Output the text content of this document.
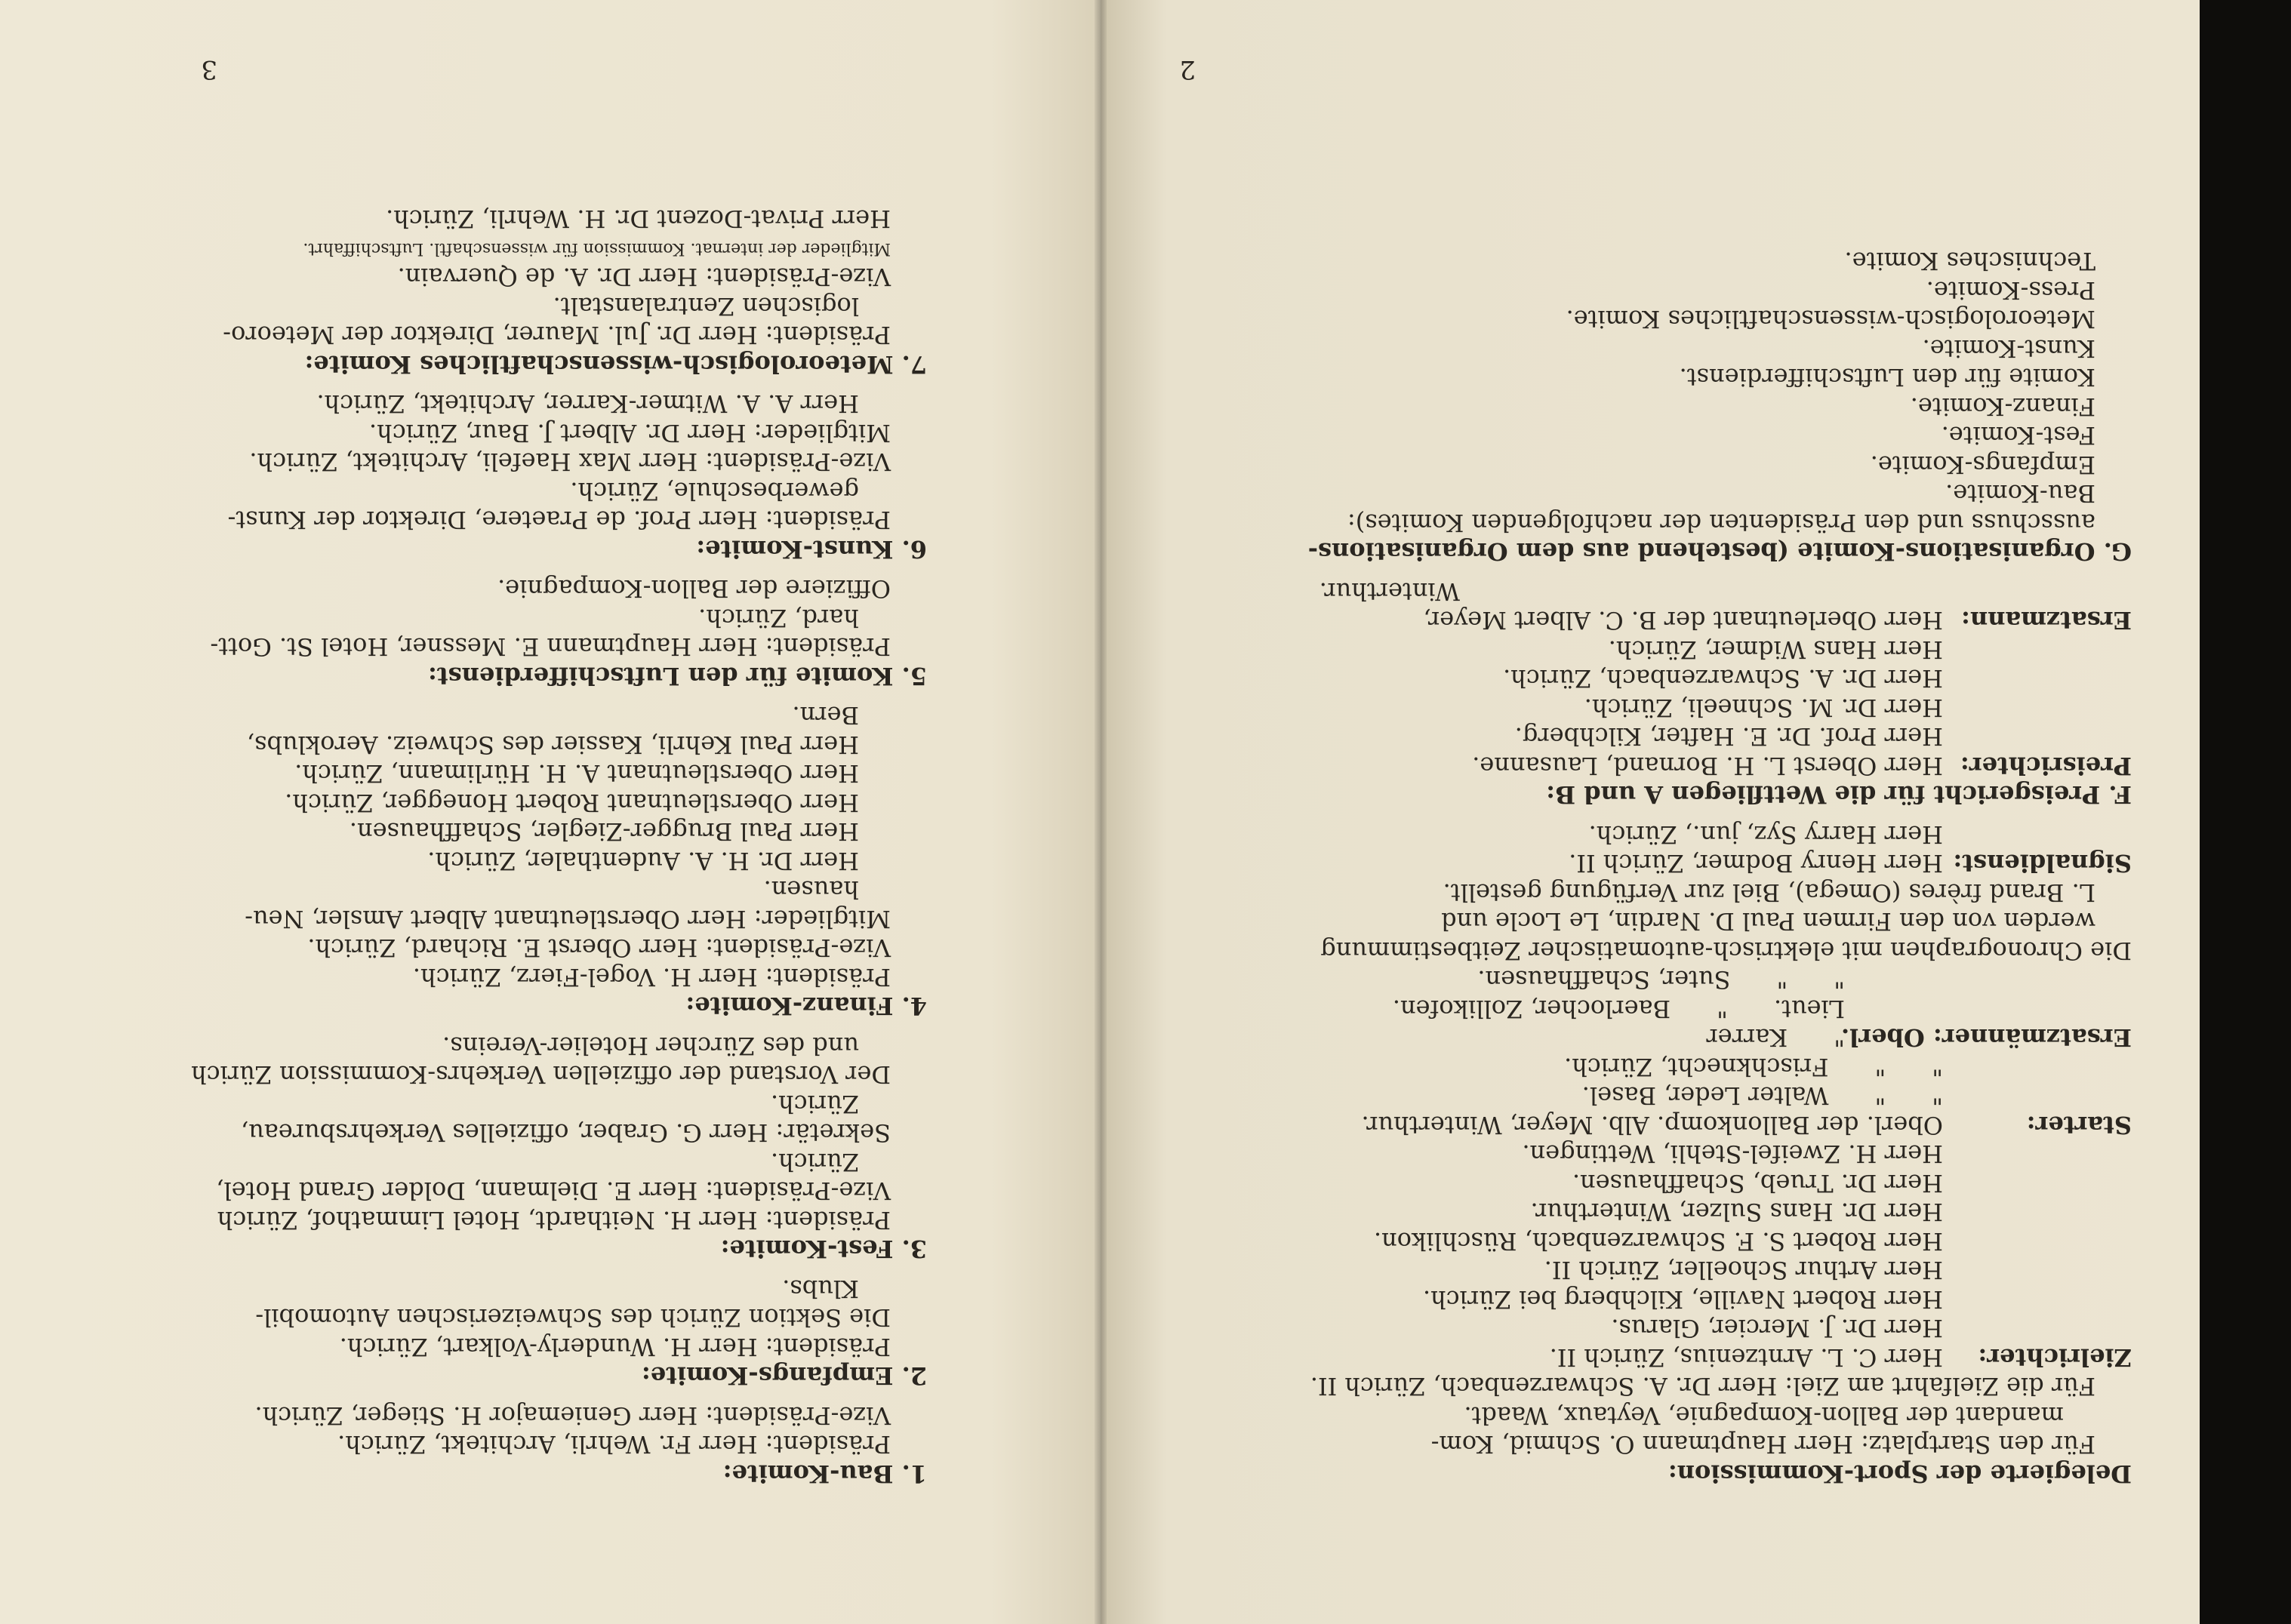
3
1. Bau-Komite:
Präsident: Herr Fr. Wehrli, Architekt, Zürich.
Vize-Präsident: Herr Geniemajor H. Stieger, Zürich.
2. Empfangs-Komite:
Präsident: Herr H. Wunderly-Volkart, Zürich.
Die Sektion Zürich des Schweizerischen Automobil-
Klubs.
3. Fest-Komite:
Präsident: Herr H. Neithardt, Hotel Limmathof, Zürich
Vize-Präsident: Herr E. Dielmann, Dolder Grand Hotel,
Zürich.
Sekretär: Herr G. Graber, offizielles Verkehrsbureau,
Zürich.
Der Vorstand der offiziellen Verkehrs-Kommission Zürich
und des Zürcher Hotelier-Vereins.
4. Finanz-Komite:
Präsident: Herr H. Vogel-Fierz, Zürich.
Vize-Präsident: Herr Oberst E. Richard, Zürich.
Mitglieder: Herr Oberstleutnant Albert Amsler, Neu-
hausen.
Herr Dr. H. A. Audenthaler, Zürich.
Herr Paul Brugger-Ziegler, Schaffhausen.
Herr Oberstleutnant Robert Honegger, Zürich.
Herr Oberstleutnant A. H. Hürlimann, Zürich.
Herr Paul Kehrli, Kassier des Schweiz. Aeroklubs,
Bern.
5. Komite für den Luftschifferdienst:
Präsident: Herr Hauptmann E. Messner, Hotel St. Gott-
hard, Zürich.
Offiziere der Ballon-Kompagnie.
6. Kunst-Komite:
Präsident: Herr Prof. de Praetere, Direktor der Kunst-
gewerbeschule, Zürich.
Vize-Präsident: Herr Max Haefeli, Architekt, Zürich.
Mitglieder: Herr Dr. Albert J. Baur, Zürich.
Herr A. A. Witmer-Karrer, Architekt, Zürich.
7. Meteorologisch-wissenschaftliches Komite:
Präsident: Herr Dr. Jul. Maurer, Direktor der Meteoro-
logischen Zentralanstalt.
Vize-Präsident: Herr Dr. A. de Quervain.
Mitglieder der internat. Kommission für wissenschaftl. Luftschiffahrt.
Herr Privat-Dozent Dr. H. Wehrli, Zürich.
2
Delegierte der Sport-Kommission:
Für den Startplatz: Herr Hauptmann O. Schmid, Kom-
mandant der Ballon-Kompagnie, Veytaux, Waadt.
Für die Zielfahrt am Ziel: Herr Dr. A. Schwarzenbach, Zürich II.
Zielrichter:
Herr C. L. Arntzenius, Zürich II.
Herr Dr. J. Mercier, Glarus.
Herr Robert Naville, Kilchberg bei Zürich.
Herr Arthur Schoeller, Zürich II.
Herr Robert S. F. Schwarzenbach, Rüschlikon.
Herr Dr. Hans Sulzer, Winterthur.
Herr Dr. Trueb, Schaffhausen.
Herr H. Zweifel-Stehli, Wettingen.
Starter:
Oberl. der Ballonkomp. Alb. Meyer, Winterthur.
"      "      Walter Leder, Basel.
"      "      Frischknecht, Zürich.
Ersatzmänner: Oberl.
"      Karrer
Lieut.      "      Baerlocher, Zollikofen.
"      "      Suter, Schaffhausen.
Die Chronographen mit elektrisch-automatischer Zeitbestimmung
werden von den Firmen Paul D. Nardin, Le Locle und
L. Brand frères (Omega), Biel zur Verfügung gestellt.
Signaldienst:
Herr Henry Bodmer, Zürich II.
Herr Harry Syz, jun., Zürich.
F. Preisgericht für die Wettfliegen A und B:
Preisrichter:
Herr Oberst L. H. Bornand, Lausanne.
Herr Prof. Dr. E. Hafter, Kilchberg.
Herr Dr. M. Schneeli, Zürich.
Herr Dr. A. Schwarzenbach, Zürich.
Herr Hans Widmer, Zürich.
Ersatzmann:
Herr Oberleutnant der B. C. Albert Meyer,
Winterthur.
G. Organisations-Komite (bestehend aus dem Organisations-
ausschuss und den Präsidenten der nachfolgenden Komites):
Bau-Komite.
Empfangs-Komite.
Fest-Komite.
Finanz-Komite.
Komite für den Luftschifferdienst.
Kunst-Komite.
Meteorologisch-wissenschaftliches Komite.
Press-Komite.
Technisches Komite.
